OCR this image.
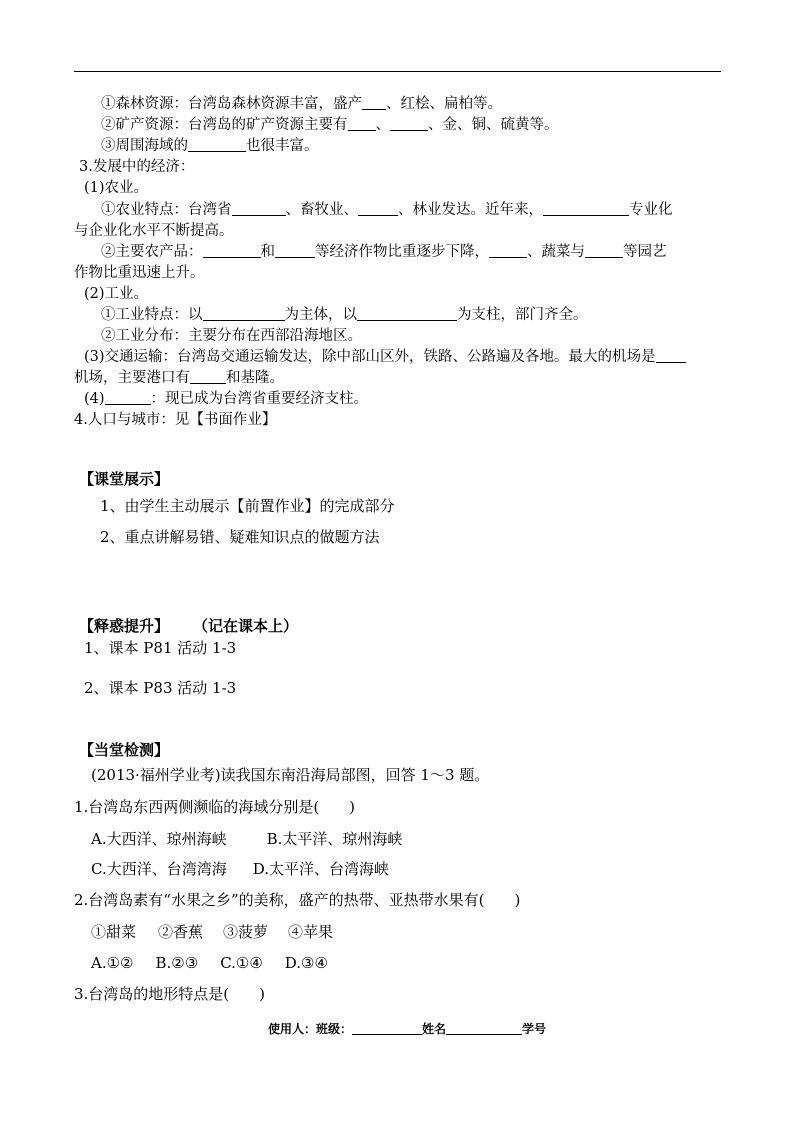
①森林资源：台湾岛森林资源丰富，盛产 、红桧、扁柏等。
②矿产资源：台湾岛的矿产资源主要有 、	、金、铜、硫黄等。
③周围海域的	也很丰富。
3.发展中的经济：
(1)农业。
①农业特点：台湾省	、畜牧业、	、林业发达。近年来，	专业化
与企业化水平不断提高。
②主要农产品：	和	等经济作物比重逐步下降，	、蔬菜与	等园艺
作物比重迅速上升。
(2)工业。
①工业特点：以	为主体，以	为支柱，部门齐全。
②工业分布：主要分布在西部沿海地区。
(3)交通运输：台湾岛交通运输发达，除中部山区外，铁路、公路遍及各地。最大的机场是
机场，主要港口有 和基隆。
(4)	：现已成为台湾省重要经济支柱。
4.人口与城市：见【书面作业】
【课堂展示】
1、由学生主动展示【前置作业】的完成部分
2、重点讲解易错、疑难知识点的做题方法
【释惑提升】 （记在课本上）
1、课本 P81 活动 1-3
2、课本 P83 活动 1-3
【当堂检测】
(2013·福州学业考)读我国东南沿海局部图，回答 1～3 题。
1.台湾岛东西两侧濒临的海域分别是(　　)
A.大西洋、琼州海峡	B.太平洋、琼州海峡
C.大西洋、台湾湾海 D.太平洋、台湾海峡
2.台湾岛素有“水果之乡”的美称，盛产的热带、亚热带水果有(　　)
①甜菜 ②香蕉 ③菠萝 ④苹果
A.①② B.②③ C.①④ D.③④
3.台湾岛的地形特点是(　　)
使用人：班级：	姓名	学号
